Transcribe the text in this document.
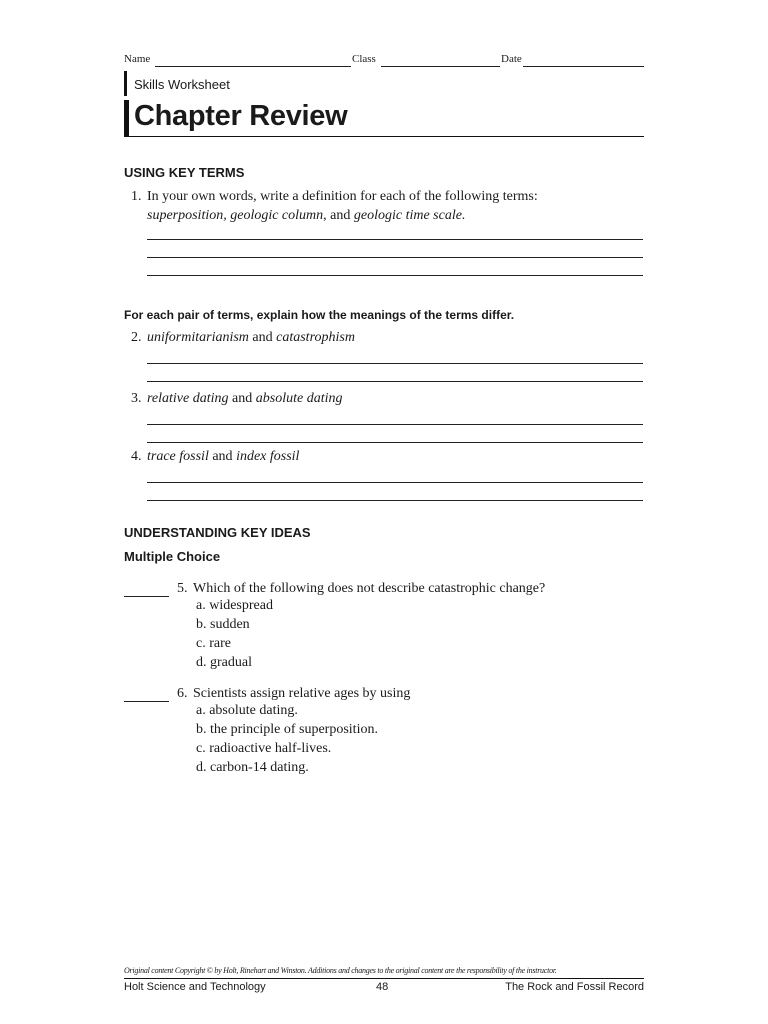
Name	Class	Date
Skills Worksheet
Chapter Review
USING KEY TERMS
1. In your own words, write a definition for each of the following terms:
superposition, geologic column, and geologic time scale.
For each pair of terms, explain how the meanings of the terms differ.
2. uniformitarianism and catastrophism
3. relative dating and absolute dating
4. trace fossil and index fossil
UNDERSTANDING KEY IDEAS
Multiple Choice
5. Which of the following does not describe catastrophic change?
a. widespread
b. sudden
c. rare
d. gradual
6. Scientists assign relative ages by using
a. absolute dating.
b. the principle of superposition.
c. radioactive half-lives.
d. carbon-14 dating.
Original content Copyright © by Holt, Rinehart and Winston. Additions and changes to the original content are the responsibility of the instructor.
Holt Science and Technology	48	The Rock and Fossil Record
